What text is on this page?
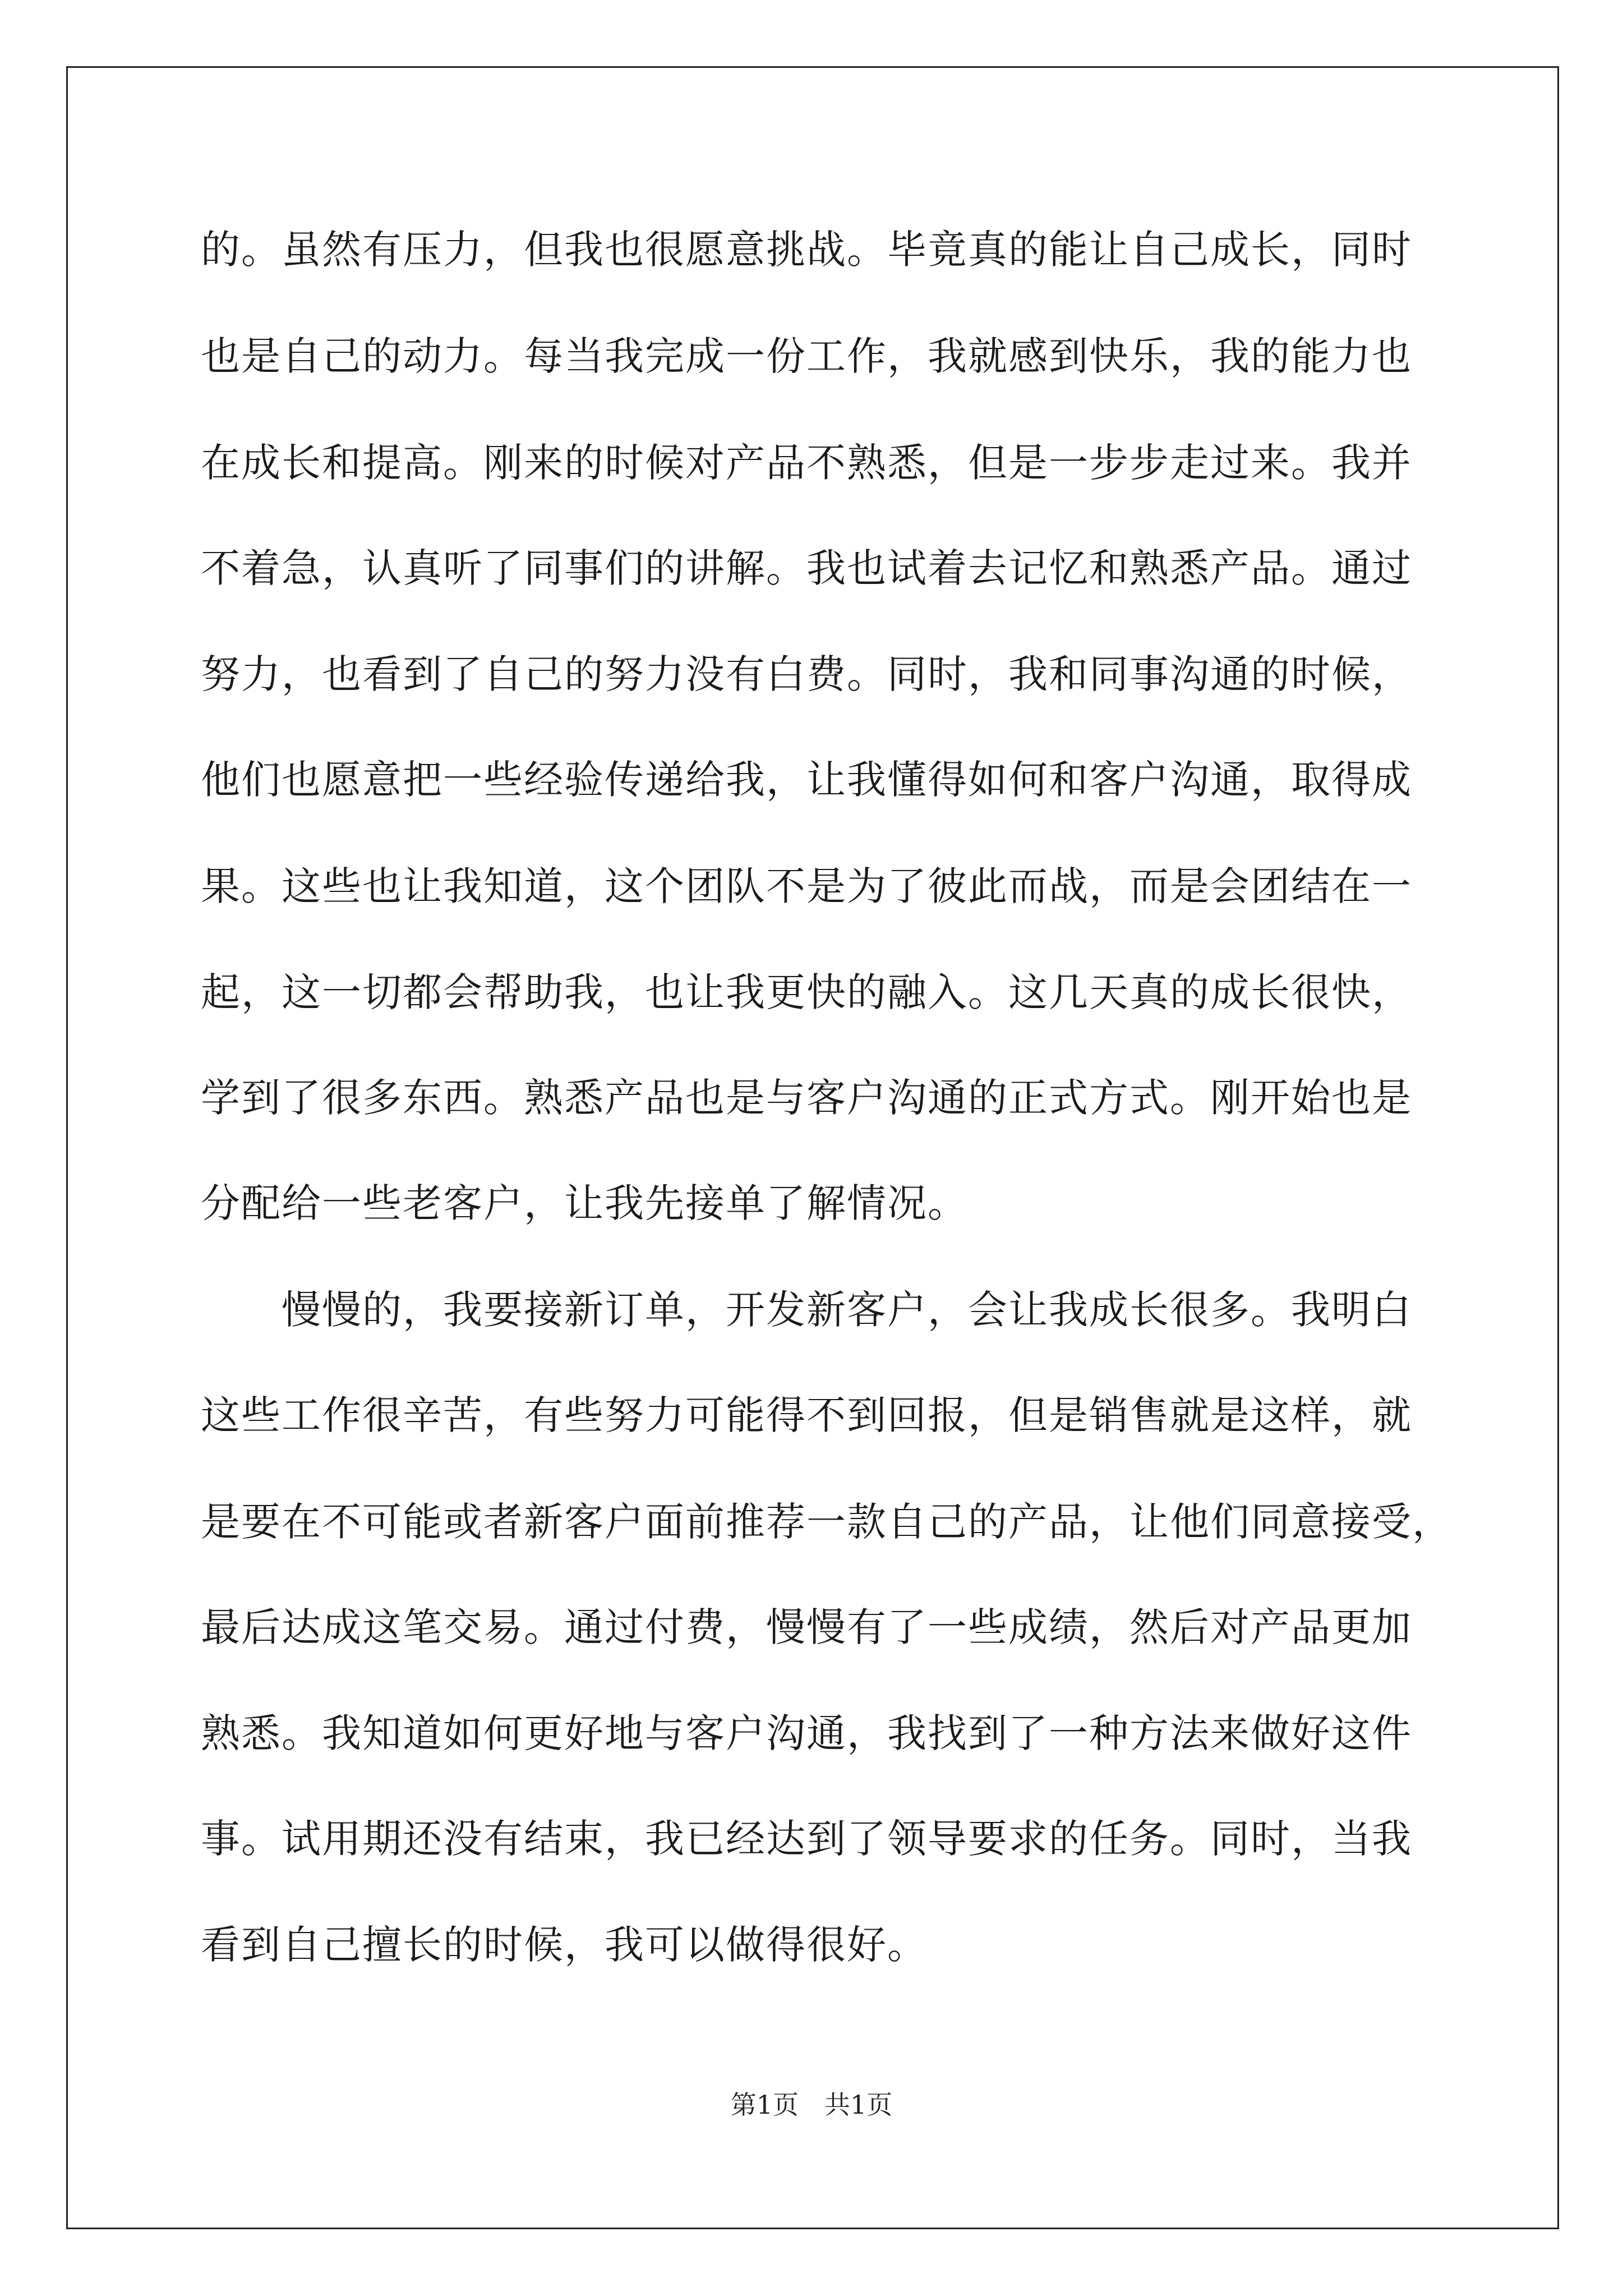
的。虽然有压力，但我也很愿意挑战。毕竟真的能让自己成长，同时
也是自己的动力。每当我完成一份工作，我就感到快乐，我的能力也
在成长和提高。刚来的时候对产品不熟悉，但是一步步走过来。我并
不着急，认真听了同事们的讲解。我也试着去记忆和熟悉产品。通过
努力，也看到了自己的努力没有白费。同时，我和同事沟通的时候，
他们也愿意把一些经验传递给我，让我懂得如何和客户沟通，取得成
果。这些也让我知道，这个团队不是为了彼此而战，而是会团结在一
起，这一切都会帮助我，也让我更快的融入。这几天真的成长很快，
学到了很多东西。熟悉产品也是与客户沟通的正式方式。刚开始也是
分配给一些老客户，让我先接单了解情况。
　　慢慢的，我要接新订单，开发新客户，会让我成长很多。我明白
这些工作很辛苦，有些努力可能得不到回报，但是销售就是这样，就
是要在不可能或者新客户面前推荐一款自己的产品，让他们同意接受，
最后达成这笔交易。通过付费，慢慢有了一些成绩，然后对产品更加
熟悉。我知道如何更好地与客户沟通，我找到了一种方法来做好这件
事。试用期还没有结束，我已经达到了领导要求的任务。同时，当我
看到自己擅长的时候，我可以做得很好。
第1页　共1页
